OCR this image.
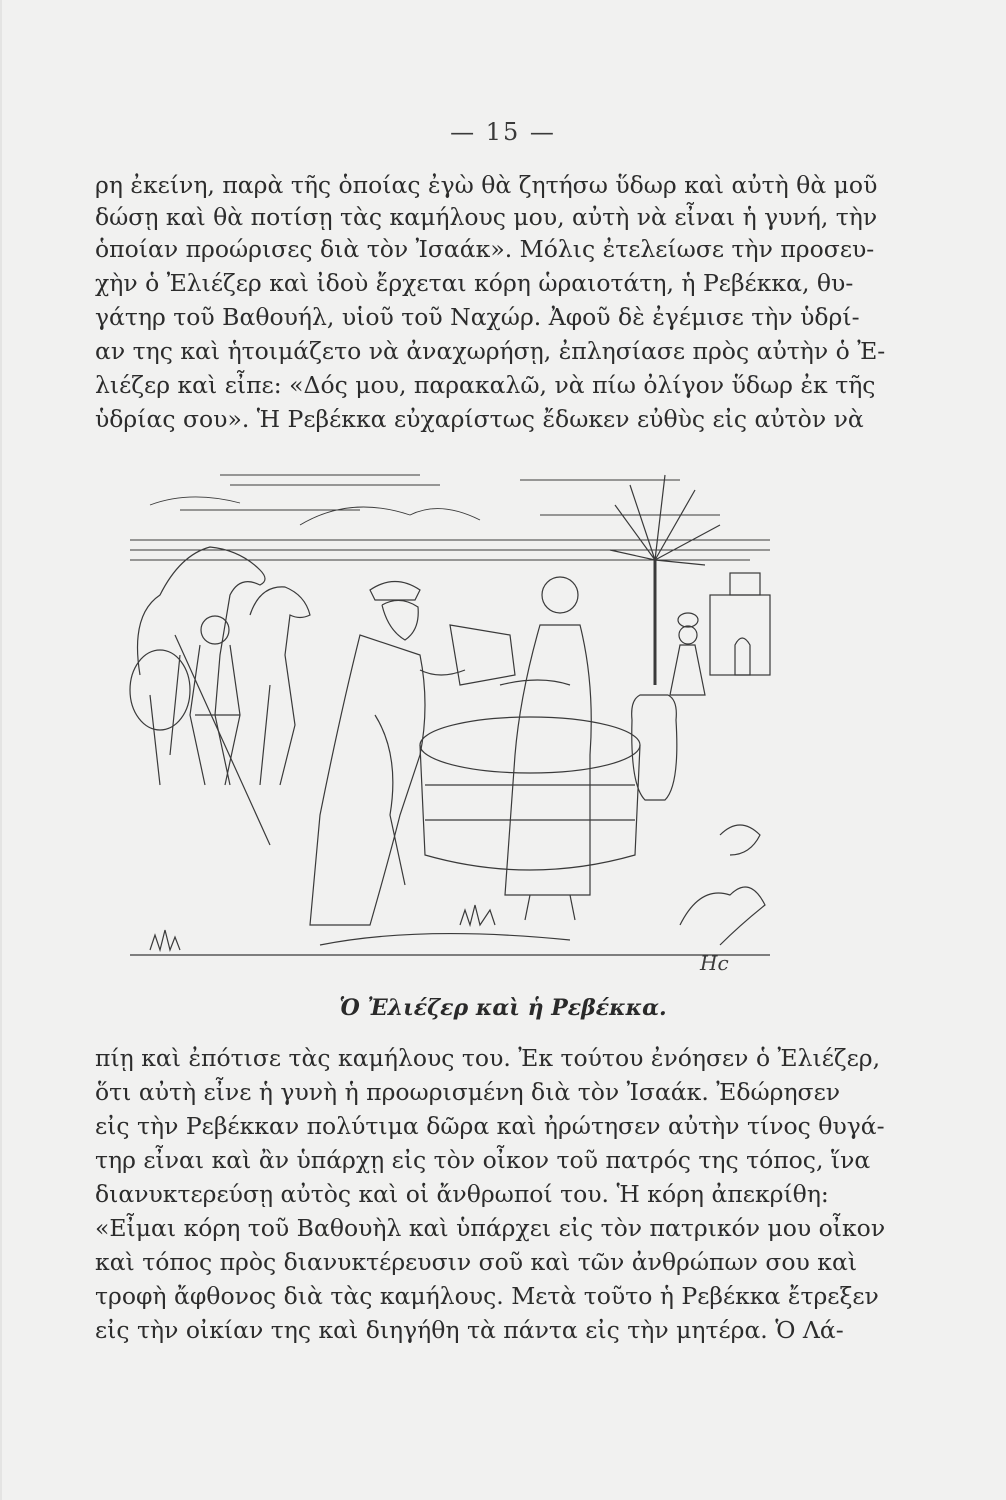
— 15 —
ρη ἐκείνη, παρὰ τῆς ὁποίας ἐγὼ θὰ ζητήσω ὕδωρ καὶ αὐτὴ θὰ μοῦ
δώσῃ καὶ θὰ ποτίσῃ τὰς καμήλους μου, αὐτὴ νὰ εἶναι ἡ γυνή, τὴν
ὁποίαν προώρισες διὰ τὸν Ἰσαάκ». Μόλις ἐτελείωσε τὴν προσευ-
χὴν ὁ Ἐλιέζερ καὶ ἰδοὺ ἔρχεται κόρη ὡραιοτάτη, ἡ Ρεβέκκα, θυ-
γάτηρ τοῦ Βαθουήλ, υἱοῦ τοῦ Ναχώρ. Ἀφοῦ δὲ ἐγέμισε τὴν ὑδρί-
αν της καὶ ἡτοιμάζετο νὰ ἀναχωρήσῃ, ἐπλησίασε πρὸς αὐτὴν ὁ Ἐ-
λιέζερ καὶ εἶπε: «Δός μου, παρακαλῶ, νὰ πίω ὀλίγον ὕδωρ ἐκ τῆς
ὑδρίας σου». Ἡ Ρεβέκκα εὐχαρίστως ἔδωκεν εὐθὺς εἰς αὐτὸν νὰ
Hc
Ὁ Ἐλιέζερ καὶ ἡ Ρεβέκκα.
πίῃ καὶ ἐπότισε τὰς καμήλους του. Ἐκ τούτου ἐνόησεν ὁ Ἐλιέζερ,
ὅτι αὐτὴ εἶνε ἡ γυνὴ ἡ προωρισμένη διὰ τὸν Ἰσαάκ. Ἐδώρησεν
εἰς τὴν Ρεβέκκαν πολύτιμα δῶρα καὶ ἠρώτησεν αὐτὴν τίνος θυγά-
τηρ εἶναι καὶ ἂν ὑπάρχῃ εἰς τὸν οἶκον τοῦ πατρός της τόπος, ἵνα
διανυκτερεύσῃ αὐτὸς καὶ οἱ ἄνθρωποί του. Ἡ κόρη ἀπεκρίθη:
«Εἶμαι κόρη τοῦ Βαθουὴλ καὶ ὑπάρχει εἰς τὸν πατρικόν μου οἶκον
καὶ τόπος πρὸς διανυκτέρευσιν σοῦ καὶ τῶν ἀνθρώπων σου καὶ
τροφὴ ἄφθονος διὰ τὰς καμήλους. Μετὰ τοῦτο ἡ Ρεβέκκα ἔτρεξεν
εἰς τὴν οἰκίαν της καὶ διηγήθη τὰ πάντα εἰς τὴν μητέρα. Ὁ Λά-
